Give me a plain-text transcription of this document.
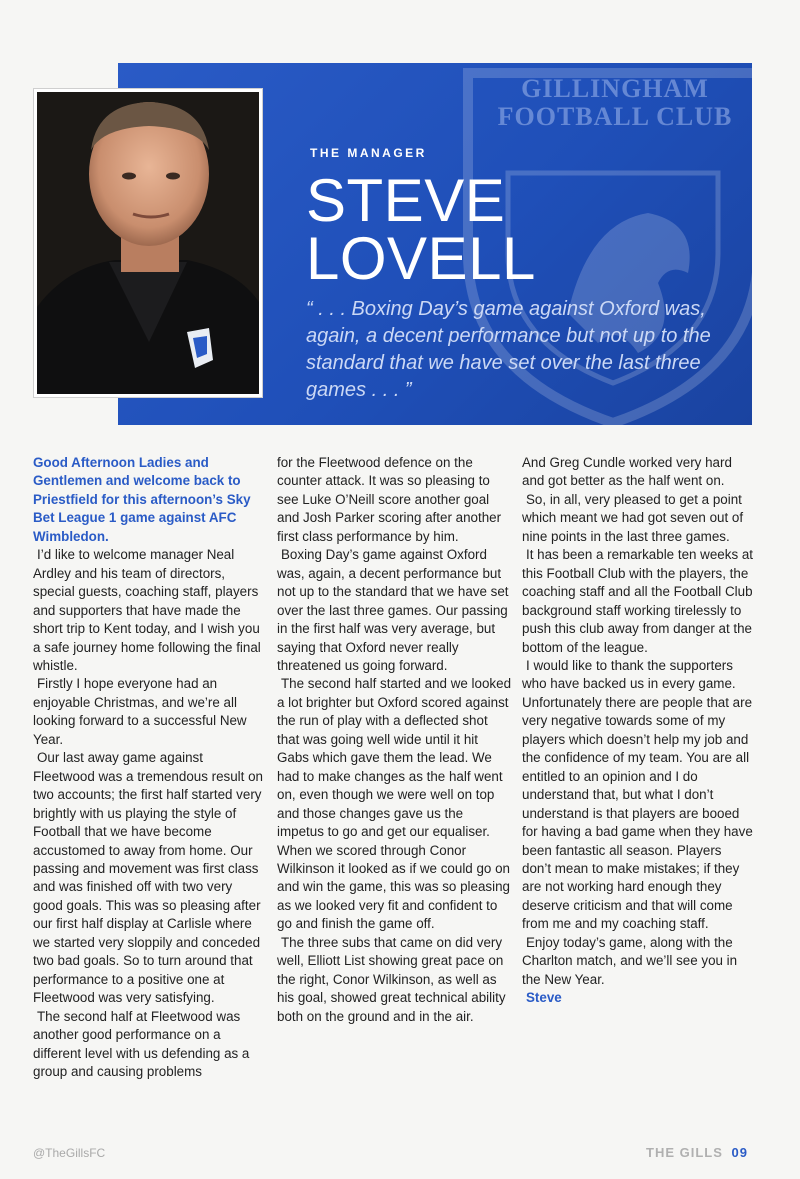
GILLINGHAM
FOOTBALL CLUB
THE MANAGER
STEVE
LOVELL
“ . . . Boxing Day’s game against Oxford was, again, a decent performance but not up to the standard that we have set over the last three games . . . ”

Good Afternoon Ladies and Gentlemen and welcome back to Priestfield for this afternoon’s Sky Bet League 1 game against AFC Wimbledon.

I’d like to welcome manager Neal Ardley and his team of directors, special guests, coaching staff, players and supporters that have made the short trip to Kent today, and I wish you a safe journey home following the final whistle.

Firstly I hope everyone had an enjoyable Christmas, and we’re all looking forward to a successful New Year.

Our last away game against Fleetwood was a tremendous result on two accounts; the first half started very brightly with us playing the style of Football that we have become accustomed to away from home. Our passing and movement was first class and was finished off with two very good goals. This was so pleasing after our first half display at Carlisle where we started very sloppily and conceded two bad goals. So to turn around that performance to a positive one at Fleetwood was very satisfying.

The second half at Fleetwood was another good performance on a different level with us defending as a group and causing problems

for the Fleetwood defence on the counter attack. It was so pleasing to see Luke O’Neill score another goal and Josh Parker scoring after another first class performance by him.

Boxing Day’s game against Oxford was, again, a decent performance but not up to the standard that we have set over the last three games. Our passing in the first half was very average, but saying that Oxford never really threatened us going forward.

The second half started and we looked a lot brighter but Oxford scored against the run of play with a deflected shot that was going well wide until it hit Gabs which gave them the lead. We had to make changes as the half went on, even though we were well on top and those changes gave us the impetus to go and get our equaliser. When we scored through Conor Wilkinson it looked as if we could go on and win the game, this was so pleasing as we looked very fit and confident to go and finish the game off.

The three subs that came on did very well, Elliott List showing great pace on the right, Conor Wilkinson, as well as his goal, showed great technical ability both on the ground and in the air.

And Greg Cundle worked very hard and got better as the half went on.

So, in all, very pleased to get a point which meant we had got seven out of nine points in the last three games.

It has been a remarkable ten weeks at this Football Club with the players, the coaching staff and all the Football Club background staff working tirelessly to push this club away from danger at the bottom of the league.

I would like to thank the supporters who have backed us in every game. Unfortunately there are people that are very negative towards some of my players which doesn’t help my job and the confidence of my team. You are all entitled to an opinion and I do understand that, but what I don’t understand is that players are booed for having a bad game when they have been fantastic all season. Players don’t mean to make mistakes; if they are not working hard enough they deserve criticism and that will come from me and my coaching staff.

Enjoy today’s game, along with the Charlton match, and we’ll see you in the New Year.

Steve

@TheGillsFC	THE GILLS 09
